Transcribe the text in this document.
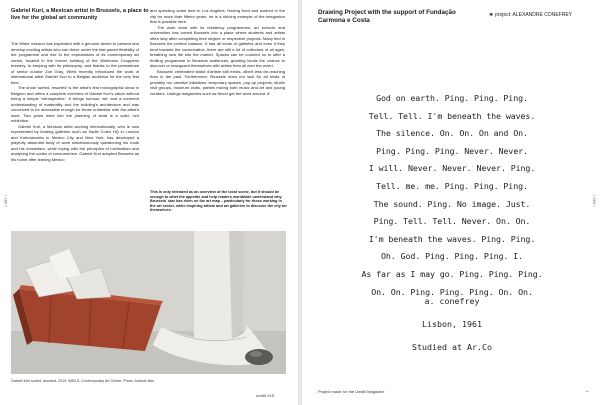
• 082 •
Gabriel Kuri, a Mexican artist in Brussels, a place to live for the global art community

The Wiels' mission has expanded with a genuine desire to present and develop exciting artists who can thrive under the fast paced flexibility of the programme and rise to the expectations of its contemporary art centre, located in the former building of the Wielmans Ceuppens brewery. In keeping with its philosophy, and thanks to the persistence of senior curator Zoe Gray, Wiels recently introduced the work of international artist Gabriel Kuri to a Belgian audience for the very first time.

The show 'sorted, resorted' is the artist's first monographic show in Belgium and offers a complete overview of Gabriel Kuri's vision without being a simple 'retrospective'. It brings humour, wit, and a coherent understanding of materiality and the building's architecture and was conceived to be accessible enough for those unfamiliar with the artist's work. Two years went into the planning of what is a solid, rich exhibition.

Gabriel Kuri, a Mexican artist working internationally, who is now represented by leading galleries such as Sadie Coles HQ in London and Kurimanzutto in Mexico City and New York, has developed a playfully absurdist body of work simultaneously questioning his roots and his nomadism, while toying with the principles of minimalism and analysing the codes of consumerism. Gabriel Kuri adopted Brussels as his home after leaving Mexico

and spending some time in Los Angeles. Having lived and worked in the city for more than fifteen years, he is a shining example of the integration that is possible here.

The work done with its residency programmes, art schools and universities has turned Brussels into a place where students and artists often stay after completing their degree or respective projects. Many find in Brussels the perfect balance. It has all kinds of galleries and even if they tend towards the conservative, there are still a lot of collectors of all ages, breathing new life into the market. Spaces can be counted on to offer a thrilling programme to Brussels audiences, granting locals the chance to discover or reacquaint themselves with artists from all over the world.

Brussels' celebrated statut d'artiste still exists, albeit less far-reaching than in the past. Furthermore, Brussels does not lack for all kinds of privately run creative initiatives: temporary spaces, pop-up projects, studio visit groups, museum clubs, parties mixing both music and art and young curators. Listings magazines such as Nexxt get the word around. //

This is only intended as an overview of the local scene, but it should be enough to whet the appetite and help readers worldwide understand why Brussels' star has risen on the art map – particularly for those working in the art sector, while inspiring artists and art galleries to discover the city for themselves.
Gabriel Kuri sorted, resorted, 2019, WIELS, Contemporary Art Centre, Photo: Antonio Neu
unstill #15
Drawing Project with the support of Fundação Carmona e Costa
✱ project: ALEXANDRE CONEFREY
• 083 •
God on earth. Ping. Ping. Ping.
Tell. Tell. I'm beneath the waves.
The silence. On. On. On and On.
Ping. Ping. Ping. Never. Never.
I will. Never. Never. Never. Ping.
Tell. me. me. Ping. Ping. Ping.
The sound. Ping. No image. Just.
Ping. Tell. Tell. Never. On. On.
I'm beneath the waves. Ping. Ping.
Oh. God. Ping. Ping. Ping. I.
As far as I may go. Ping. Ping. Ping.
On. On. Ping. Ping. Ping. On. On.
a. conefrey
Lisbon, 1961
Studied at Ar.Co
Project made for the Unstill Magazine	→
